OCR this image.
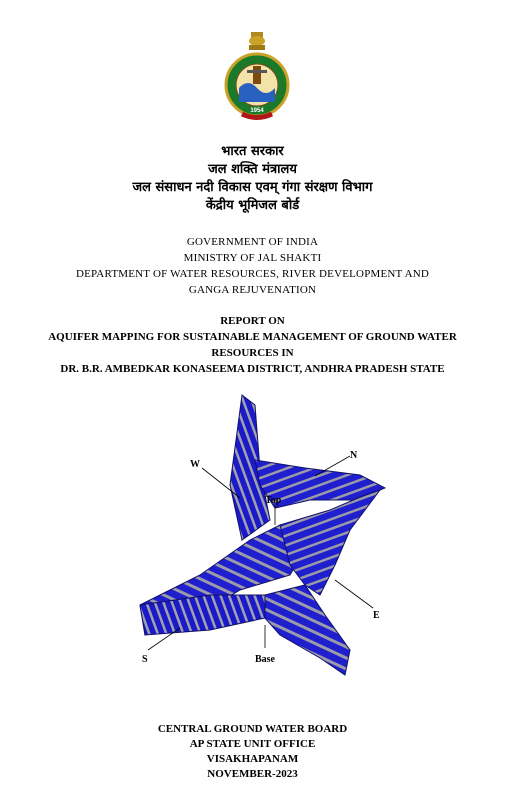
1954
भारत सरकार
जल शक्ति मंत्रालय
जल संसाधन नदी विकास एवम् गंगा संरक्षण विभाग
केंद्रीय भूमिजल बोर्ड
GOVERNMENT OF INDIA
MINISTRY OF JAL SHAKTI
DEPARTMENT OF WATER RESOURCES, RIVER DEVELOPMENT AND
GANGA REJUVENATION
REPORT ON
AQUIFER MAPPING FOR SUSTAINABLE MANAGEMENT OF GROUND WATER
RESOURCES IN
DR. B.R. AMBEDKAR KONASEEMA DISTRICT, ANDHRA PRADESH STATE
W
N
Top
E
S	Base
CENTRAL GROUND WATER BOARD
AP STATE UNIT OFFICE
VISAKHAPANAM
NOVEMBER-2023
